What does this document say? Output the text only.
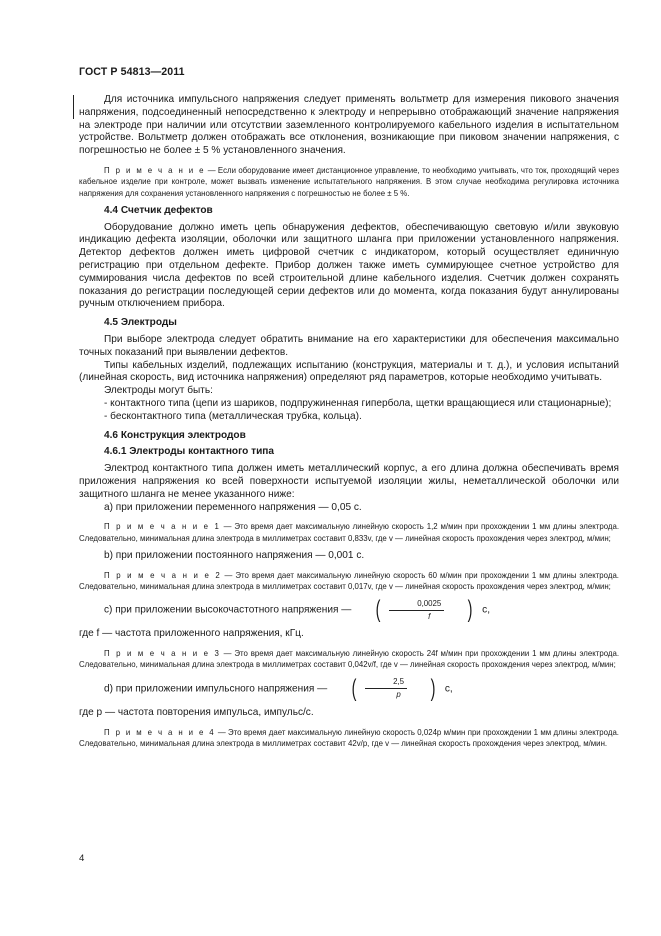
ГОСТ Р 54813—2011

Для источника импульсного напряжения следует применять вольтметр для измерения пикового значения напряжения, подсоединенный непосредственно к электроду и непрерывно отображающий значение напряжения на электроде при наличии или отсутствии заземленного контролируемого кабельного изделия в испытательном устройстве. Вольтметр должен отображать все отклонения, возникающие при пиковом значении напряжения, с погрешностью не более ± 5 % установленного значения.

П р и м е ч а н и е — Если оборудование имеет дистанционное управление, то необходимо учитывать, что ток, проходящий через кабельное изделие при контроле, может вызвать изменение испытательного напряжения. В этом случае необходима регулировка источника напряжения для сохранения установленного напряжения с погрешностью не более ± 5 %.

4.4 Счетчик дефектов

Оборудование должно иметь цепь обнаружения дефектов, обеспечивающую световую и/или звуковую индикацию дефекта изоляции, оболочки или защитного шланга при приложении установленного напряжения. Детектор дефектов должен иметь цифровой счетчик с индикатором, который осуществляет единичную регистрацию при отдельном дефекте. Прибор должен также иметь суммирующее счетное устройство для суммирования числа дефектов по всей строительной длине кабельного изделия. Счетчик должен сохранять показания до регистрации последующей серии дефектов или до момента, когда показания будут аннулированы ручным отключением прибора.

4.5 Электроды

При выборе электрода следует обратить внимание на его характеристики для обеспечения максимально точных показаний при выявлении дефектов.

Типы кабельных изделий, подлежащих испытанию (конструкция, материалы и т. д.), и условия испытаний (линейная скорость, вид источника напряжения) определяют ряд параметров, которые необходимо учитывать.

Электроды могут быть:

- контактного типа (цепи из шариков, подпружиненная гипербола, щетки вращающиеся или стационарные);

- бесконтактного типа (металлическая трубка, кольца).

4.6 Конструкция электродов
4.6.1 Электроды контактного типа

Электрод контактного типа должен иметь металлический корпус, а его длина должна обеспечивать время приложения напряжения ко всей поверхности испытуемой изоляции жилы, неметаллической оболочки или защитного шланга не менее указанного ниже:

а) при приложении переменного напряжения — 0,05 с.

П р и м е ч а н и е 1 — Это время дает максимальную линейную скорость 1,2 м/мин при прохождении 1 мм длины электрода. Следовательно, минимальная длина электрода в миллиметрах составит 0,833v, где v — линейная скорость прохождения через электрод, м/мин;

b) при приложении постоянного напряжения — 0,001 с.

П р и м е ч а н и е 2 — Это время дает максимальную линейную скорость 60 м/мин при прохождении 1 мм длины электрода. Следовательно, минимальная длина электрода в миллиметрах составит 0,017v, где v — линейная скорость прохождения через электрод, м/мин;

с) при приложении высокочастотного напряжения — ( $\frac{0,0025}{f}$ ) с,

где f — частота приложенного напряжения, кГц.

П р и м е ч а н и е 3 — Это время дает максимальную линейную скорость 24f м/мин при прохождении 1 мм длины электрода. Следовательно, минимальная длина электрода в миллиметрах составит 0,042v/f, где v — линейная скорость прохождения через электрод, м/мин;

d) при приложении импульсного напряжения — ( $\frac{2,5}{р}$ ) с,

где р — частота повторения импульса, импульс/с.

П р и м е ч а н и е 4 — Это время дает максимальную линейную скорость 0,024р м/мин при прохождении 1 мм длины электрода. Следовательно, минимальная длина электрода в миллиметрах составит 42v/р, где v — линейная скорость прохождения через электрод, м/мин.

4
